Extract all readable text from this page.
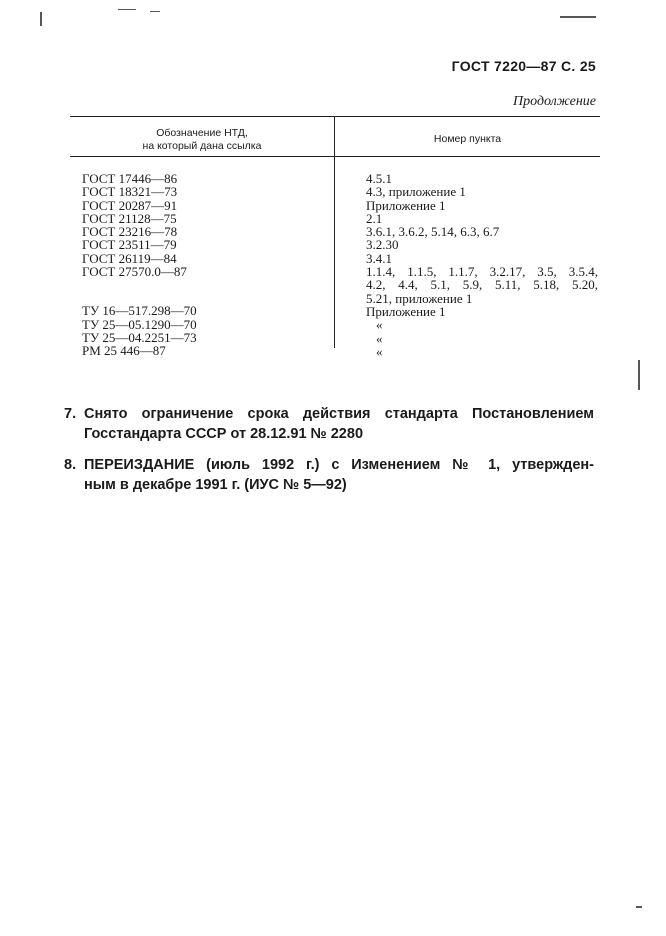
ГОСТ 7220—87 С. 25
Продолжение
Обозначение НТД,
на который дана ссылка
Номер пункта
ГОСТ 17446—86
ГОСТ 18321—73
ГОСТ 20287—91
ГОСТ 21128—75
ГОСТ 23216—78
ГОСТ 23511—79
ГОСТ 26119—84
ГОСТ 27570.0—87
ТУ 16—517.298—70
ТУ 25—05.1290—70
ТУ 25—04.2251—73
РМ 25 446—87
4.5.1
4.3, приложение 1
Приложение 1
2.1
3.6.1, 3.6.2, 5.14, 6.3, 6.7
3.2.30
3.4.1
1.1.4, 1.1.5, 1.1.7, 3.2.17, 3.5, 3.5.4,
4.2, 4.4, 5.1, 5.9, 5.11, 5.18, 5.20,
5.21, приложение 1
Приложение 1
«
«
«
7. Снято ограничение срока действия стандарта Постановлением
Госстандарта СССР от 28.12.91 № 2280
8. ПЕРЕИЗДАНИЕ (июль 1992 г.) с Изменением № 1, утвержден-
ным в декабре 1991 г. (ИУС № 5—92)
